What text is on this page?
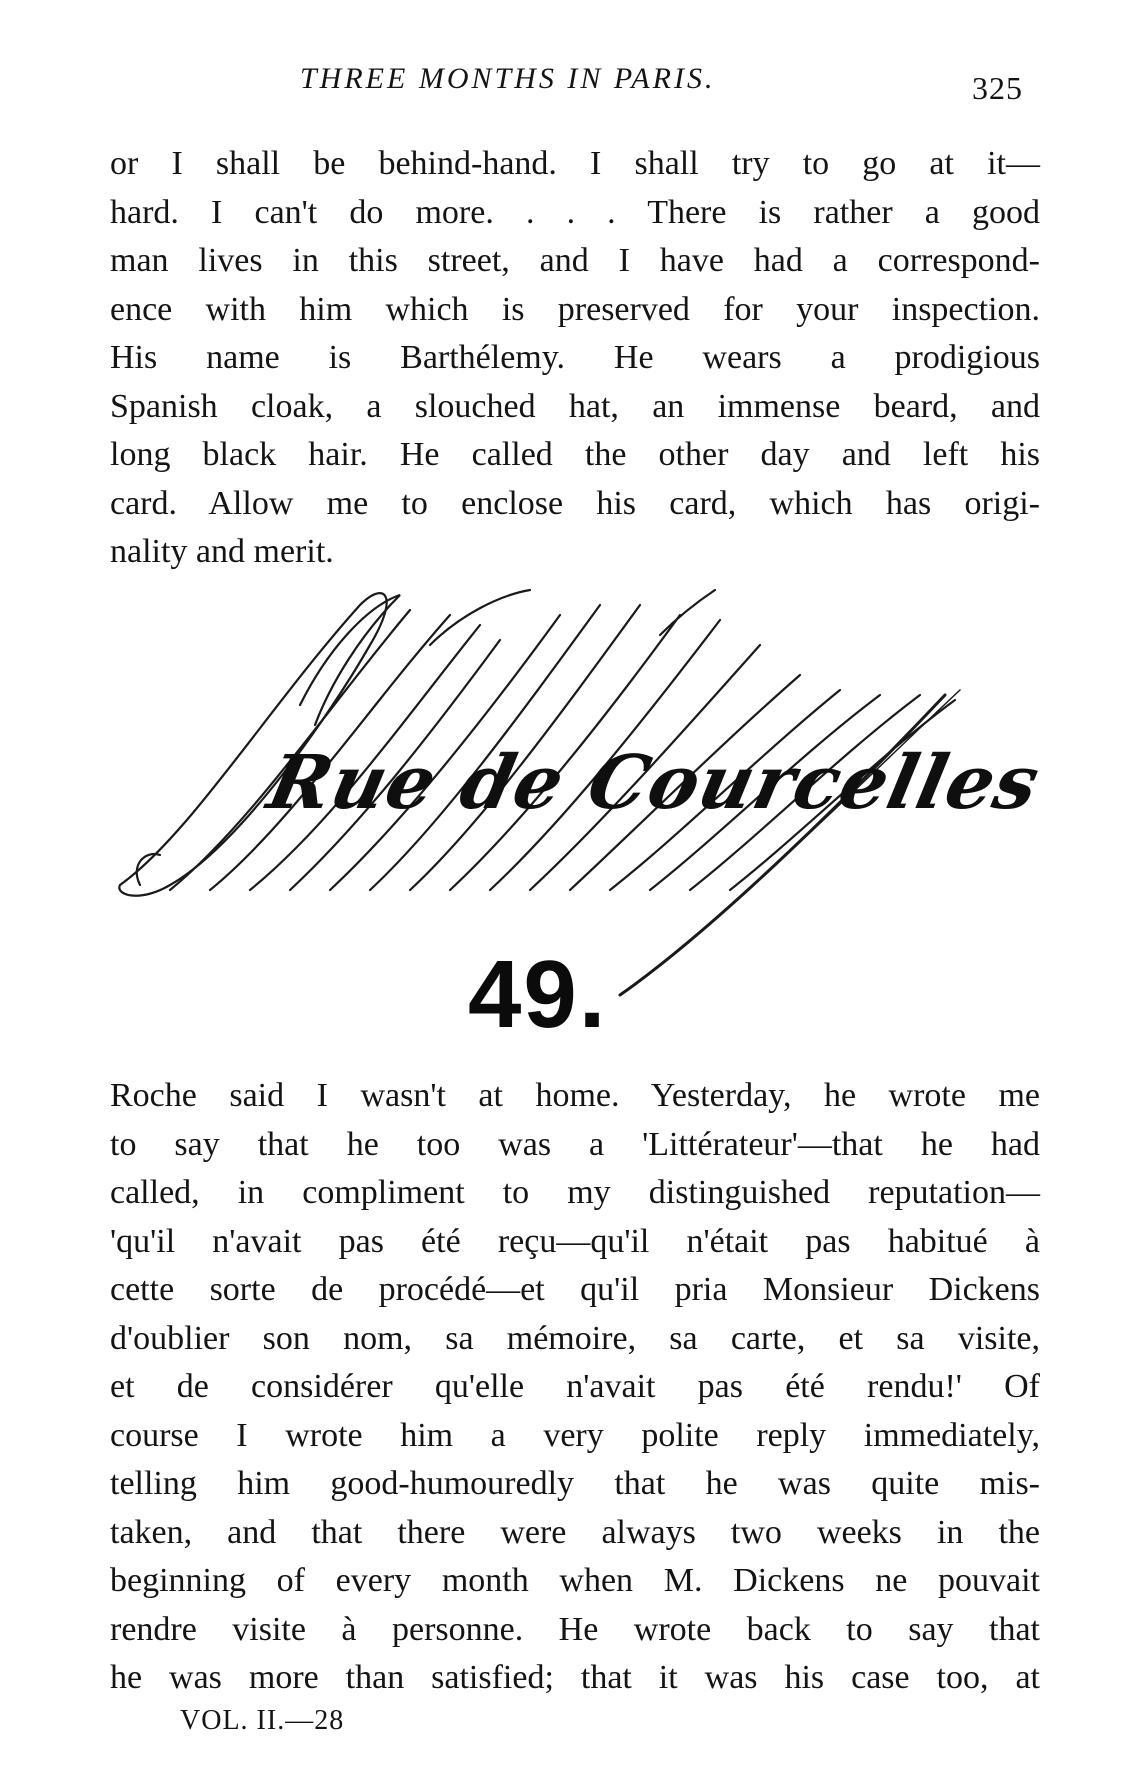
THREE MONTHS IN PARIS.	325
or I shall be behind-hand. I shall try to go at it—
hard. I can't do more. . . . There is rather a good
man lives in this street, and I have had a correspond-
ence with him which is preserved for your inspection.
His name is Barthélemy. He wears a prodigious
Spanish cloak, a slouched hat, an immense beard, and
long black hair. He called the other day and left his
card. Allow me to enclose his card, which has origi-
nality and merit.
Rue de Courcelles
49.
Roche said I wasn't at home. Yesterday, he wrote me
to say that he too was a 'Littérateur'—that he had
called, in compliment to my distinguished reputation—
'qu'il n'avait pas été reçu—qu'il n'était pas habitué à
cette sorte de procédé—et qu'il pria Monsieur Dickens
d'oublier son nom, sa mémoire, sa carte, et sa visite,
et de considérer qu'elle n'avait pas été rendu!' Of
course I wrote him a very polite reply immediately,
telling him good-humouredly that he was quite mis-
taken, and that there were always two weeks in the
beginning of every month when M. Dickens ne pouvait
rendre visite à personne. He wrote back to say that
he was more than satisfied; that it was his case too, at
VOL. II.—28
